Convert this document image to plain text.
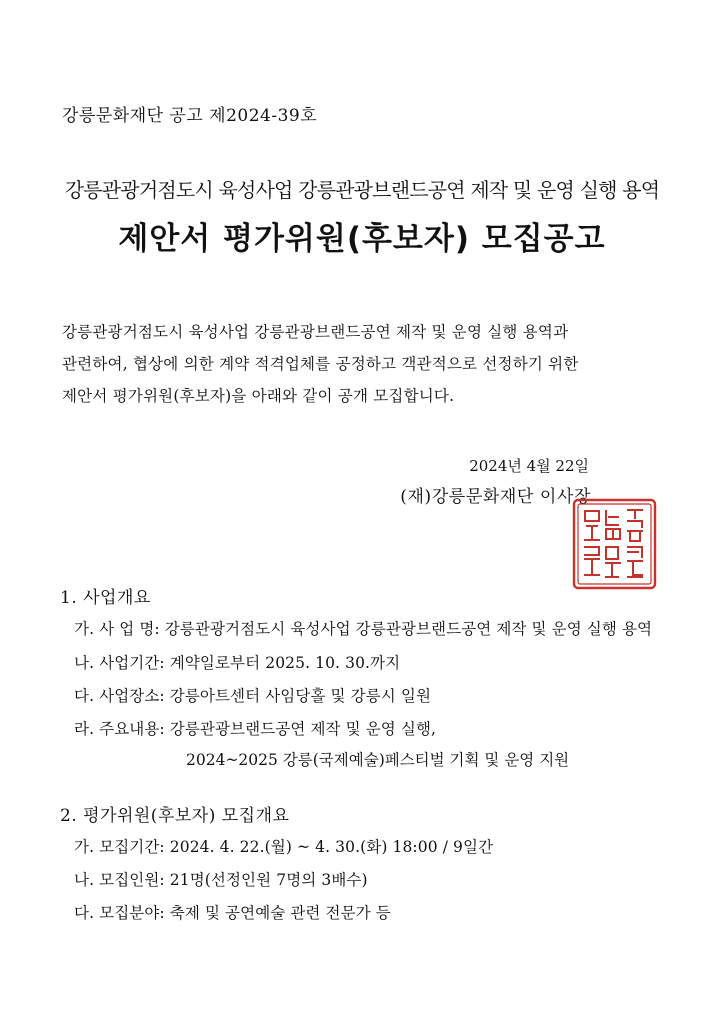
강릉문화재단 공고 제2024-39호
강릉관광거점도시 육성사업 강릉관광브랜드공연 제작 및 운영 실행 용역
제안서 평가위원(후보자) 모집공고
강릉관광거점도시 육성사업 강릉관광브랜드공연 제작 및 운영 실행 용역과
관련하여, 협상에 의한 계약 적격업체를 공정하고 객관적으로 선정하기 위한
제안서 평가위원(후보자)을 아래와 같이 공개 모집합니다.
2024년 4월 22일
(재)강릉문화재단 이사장
1. 사업개요
가. 사 업 명: 강릉관광거점도시 육성사업 강릉관광브랜드공연 제작 및 운영 실행 용역
나. 사업기간: 계약일로부터 2025. 10. 30.까지
다. 사업장소: 강릉아트센터 사임당홀 및 강릉시 일원
라. 주요내용: 강릉관광브랜드공연 제작 및 운영 실행,
2024~2025 강릉(국제예술)페스티벌 기획 및 운영 지원
2. 평가위원(후보자) 모집개요
가. 모집기간: 2024. 4. 22.(월) ~ 4. 30.(화) 18:00 / 9일간
나. 모집인원: 21명(선정인원 7명의 3배수)
다. 모집분야: 축제 및 공연예술 관련 전문가 등
